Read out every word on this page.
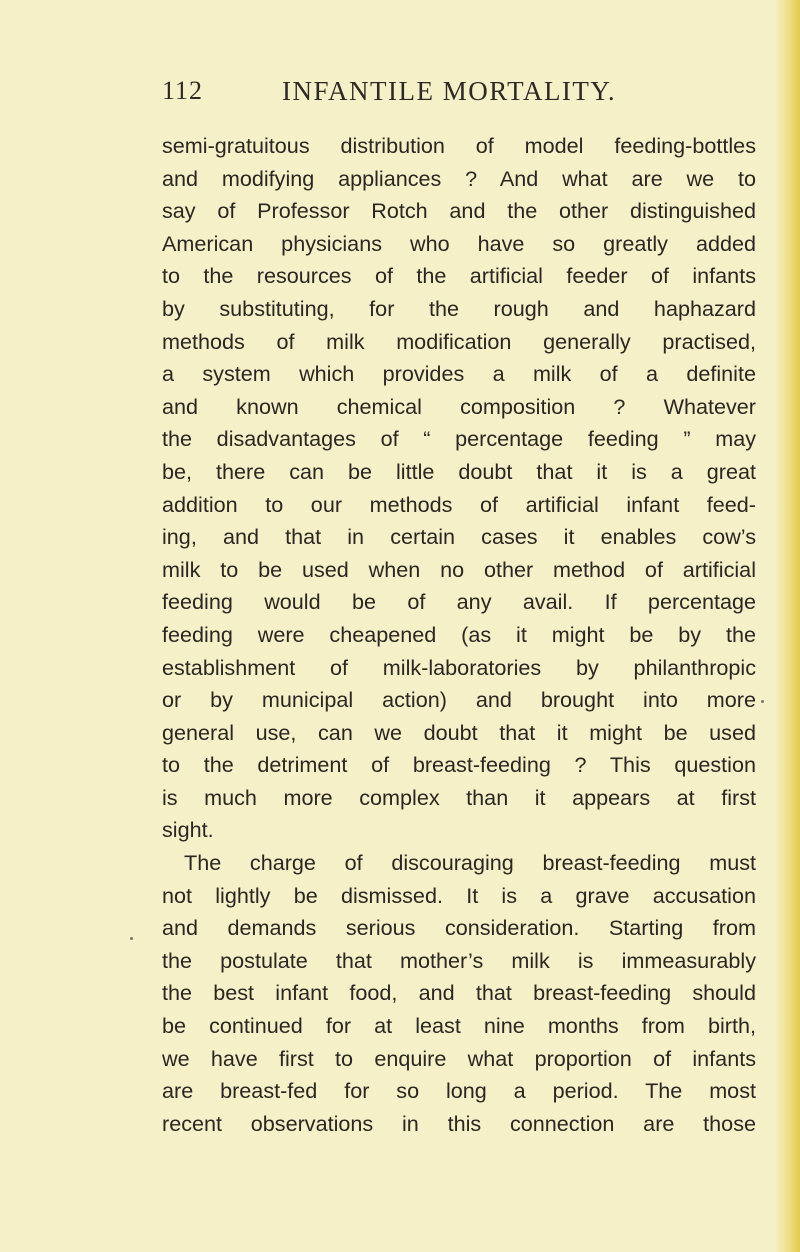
112	INFANTILE MORTALITY.
semi-gratuitous distribution of model feeding-bottles
and modifying appliances ? And what are we to
say of Professor Rotch and the other distinguished
American physicians who have so greatly added
to the resources of the artificial feeder of infants
by substituting, for the rough and haphazard
methods of milk modification generally practised,
a system which provides a milk of a definite
and known chemical composition ? Whatever
the disadvantages of “ percentage feeding ” may
be, there can be little doubt that it is a great
addition to our methods of artificial infant feed-
ing, and that in certain cases it enables cow’s
milk to be used when no other method of artificial
feeding would be of any avail. If percentage
feeding were cheapened (as it might be by the
establishment of milk-laboratories by philanthropic
or by municipal action) and brought into more
general use, can we doubt that it might be used
to the detriment of breast-feeding ? This question
is much more complex than it appears at first
sight.
The charge of discouraging breast-feeding must
not lightly be dismissed. It is a grave accusation
and demands serious consideration. Starting from
the postulate that mother’s milk is immeasurably
the best infant food, and that breast-feeding should
be continued for at least nine months from birth,
we have first to enquire what proportion of infants
are breast-fed for so long a period. The most
recent observations in this connection are those
